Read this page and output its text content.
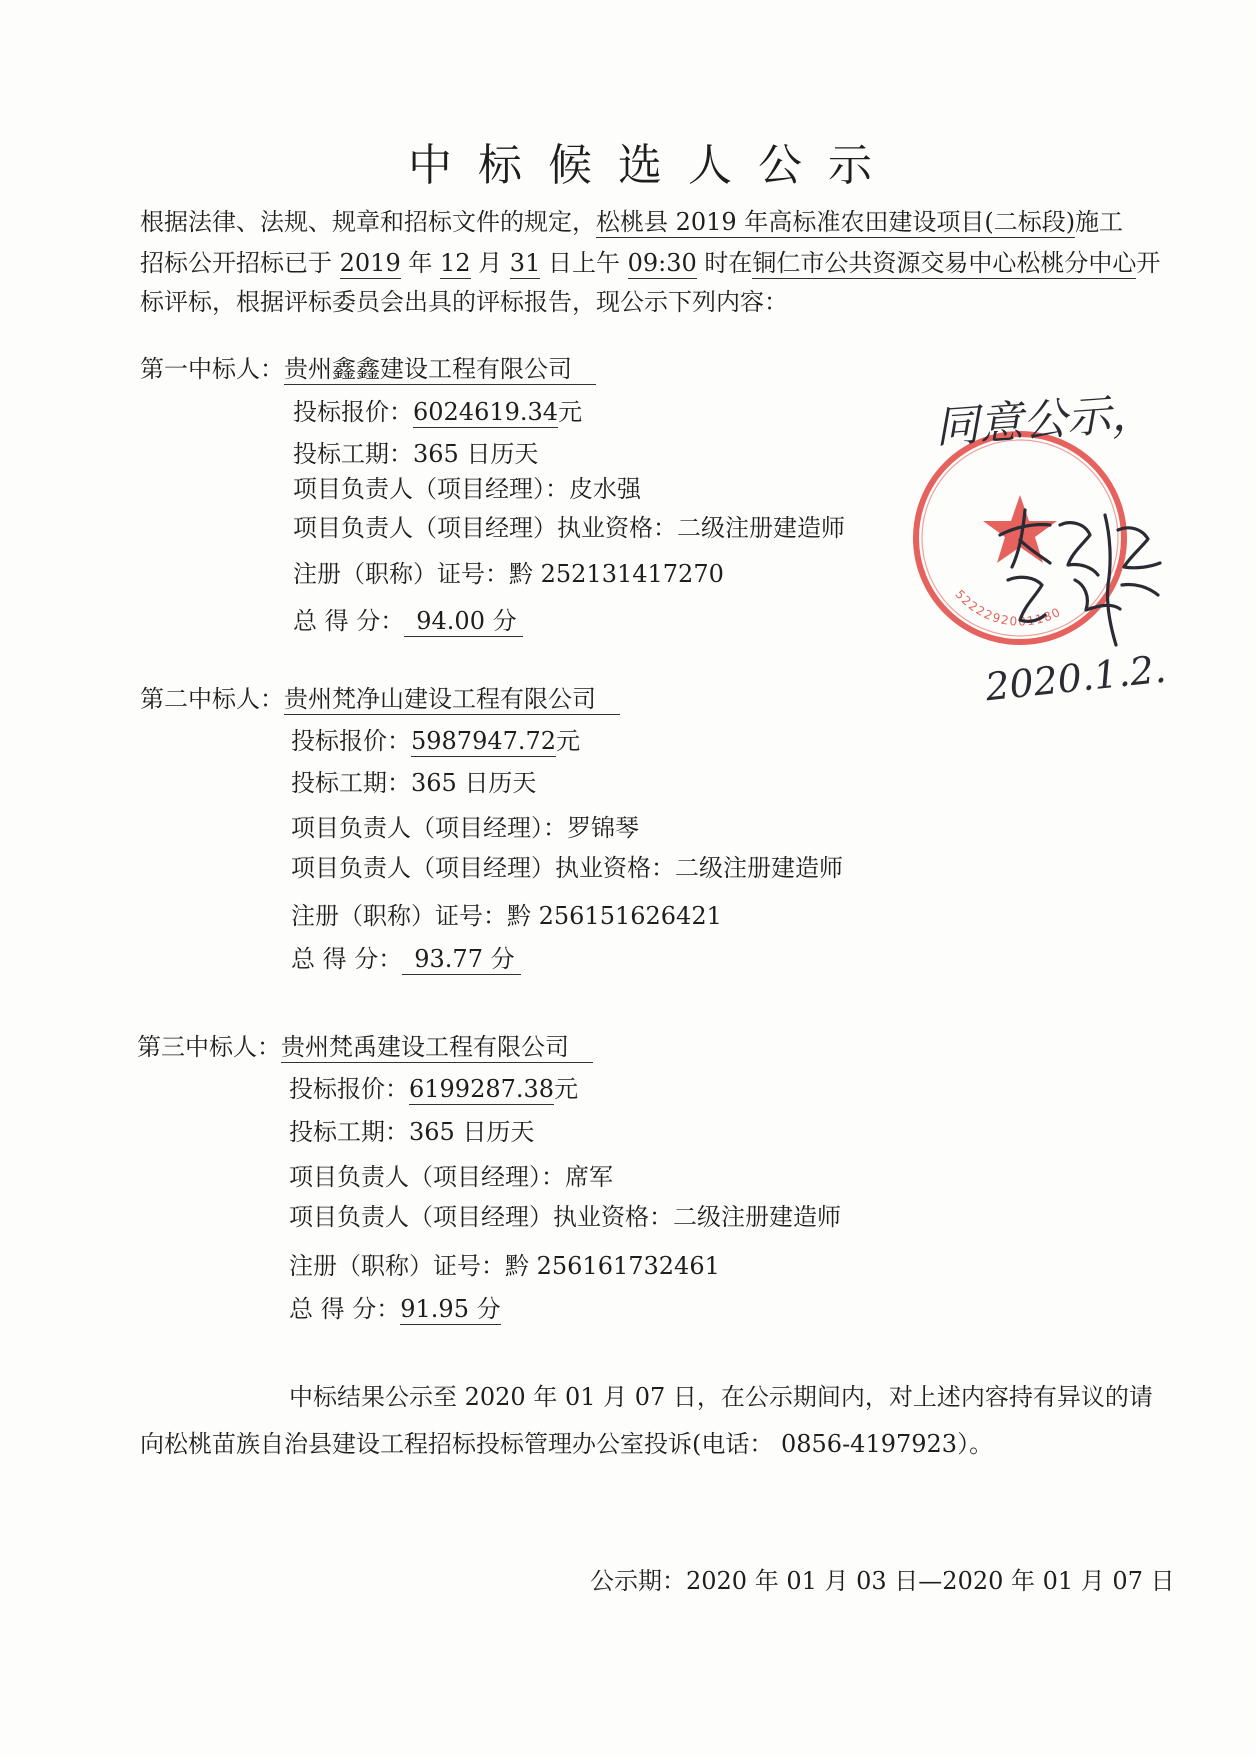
中 标 候 选 人 公 示
根据法律、法规、规章和招标文件的规定，松桃县 2019 年高标准农田建设项目(二标段)施工
招标公开招标已于 2019 年 12 月 31 日上午 09:30 时在铜仁市公共资源交易中心松桃分中心开
标评标，根据评标委员会出具的评标报告，现公示下列内容：
第一中标人：贵州鑫鑫建设工程有限公司
投标报价：6024619.34元
投标工期：365 日历天
项目负责人（项目经理）：皮水强
项目负责人（项目经理）执业资格：二级注册建造师
注册（职称）证号：黔 252131417270
总 得 分： 94.00 分
第二中标人：贵州梵净山建设工程有限公司
投标报价：5987947.72元
投标工期：365 日历天
项目负责人（项目经理）：罗锦琴
项目负责人（项目经理）执业资格：二级注册建造师
注册（职称）证号：黔 256151626421
总 得 分： 93.77 分
第三中标人：贵州梵禹建设工程有限公司
投标报价：6199287.38元
投标工期：365 日历天
项目负责人（项目经理）：席军
项目负责人（项目经理）执业资格：二级注册建造师
注册（职称）证号：黔 256161732461
总 得 分：91.95 分
中标结果公示至 2020 年 01 月 07 日，在公示期间内，对上述内容持有异议的请
向松桃苗族自治县建设工程招标投标管理办公室投诉(电话： 0856-4197923）。
公示期：2020 年 01 月 03 日—2020 年 01 月 07 日
5222292001180
同意公示，
2020.1.2.
